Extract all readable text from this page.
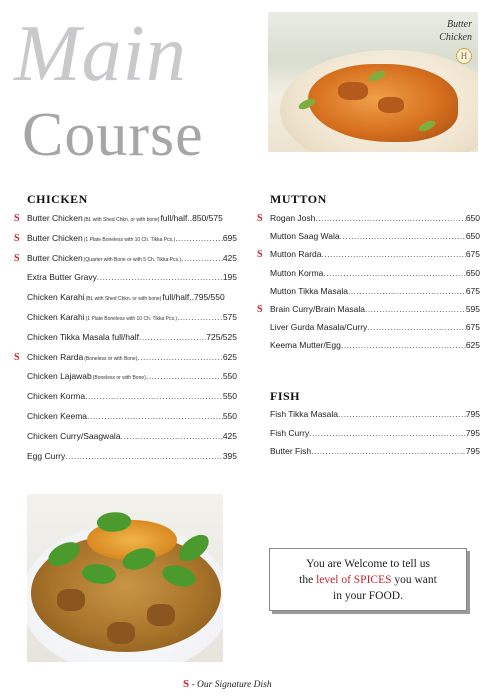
Main
Course
Butter
Chicken
H
CHICKEN
S Butter Chicken (BL with Shed Chkn. or with bone) full/half.. 850/575
S Butter Chicken (1 Plate Boneless with 10 Ch. Tikka Pcs.) .....	695
S Butter Chicken (Quarter with Bone or with 5 Ch. Tikka Pcs.) .....	425
Extra Butter Gravy .....	195
Chicken Karahi (BL with Shed Chkn. or with bone) full/half.. 795/550
Chicken Karahi (1 Plate Boneless with 10 Ch. Tikka Pcs.) .....	575
Chicken Tikka Masala full/half .....	725/525
S Chicken Rarda (Boneless or with Bone) .....	625
Chicken Lajawab (Boneless or with Bone) .....	550
Chicken Korma .....	550
Chicken Keema .....	550
Chicken Curry/Saagwala .....	425
Egg Curry .....	395
MUTTON
S Rogan Josh .....	650
Mutton Saag Wala .....	650
S Mutton Rarda .....	675
Mutton Korma .....	650
Mutton Tikka Masala .....	675
S Brain Curry/Brain Masala .....	595
Liver Gurda Masala/Curry .....	675
Keema Mutter/Egg .....	625
FISH
Fish Tikka Masala .....	795
Fish Curry .....	795
Butter Fish .....	795
You are Welcome to tell us
the level of SPICES you want
in your FOOD.
S - Our Signature Dish
